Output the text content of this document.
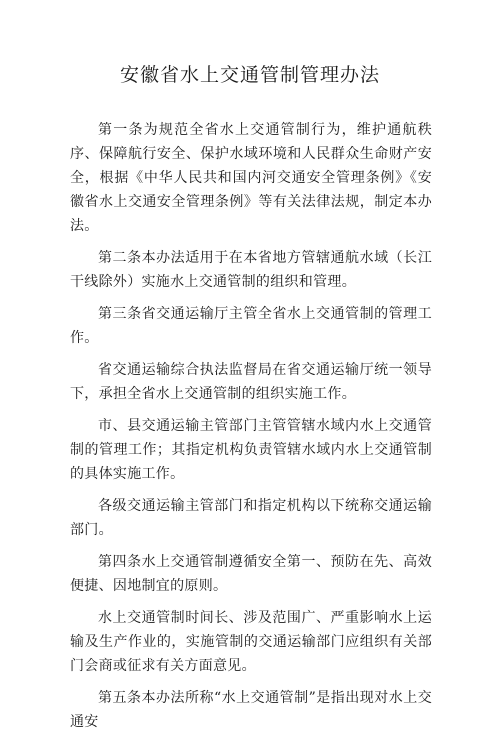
安徽省水上交通管制管理办法

第一条为规范全省水上交通管制行为，维护通航秩序、保障航行安全、保护水域环境和人民群众生命财产安全，根据《中华人民共和国内河交通安全管理条例》《安徽省水上交通安全管理条例》等有关法律法规，制定本办法。

第二条本办法适用于在本省地方管辖通航水域（长江干线除外）实施水上交通管制的组织和管理。

第三条省交通运输厅主管全省水上交通管制的管理工作。

省交通运输综合执法监督局在省交通运输厅统一领导下，承担全省水上交通管制的组织实施工作。

市、县交通运输主管部门主管管辖水域内水上交通管制的管理工作；其指定机构负责管辖水域内水上交通管制的具体实施工作。

各级交通运输主管部门和指定机构以下统称交通运输部门。

第四条水上交通管制遵循安全第一、预防在先、高效便捷、因地制宜的原则。

水上交通管制时间长、涉及范围广、严重影响水上运输及生产作业的，实施管制的交通运输部门应组织有关部门会商或征求有关方面意见。

第五条本办法所称“水上交通管制”是指出现对水上交通安
